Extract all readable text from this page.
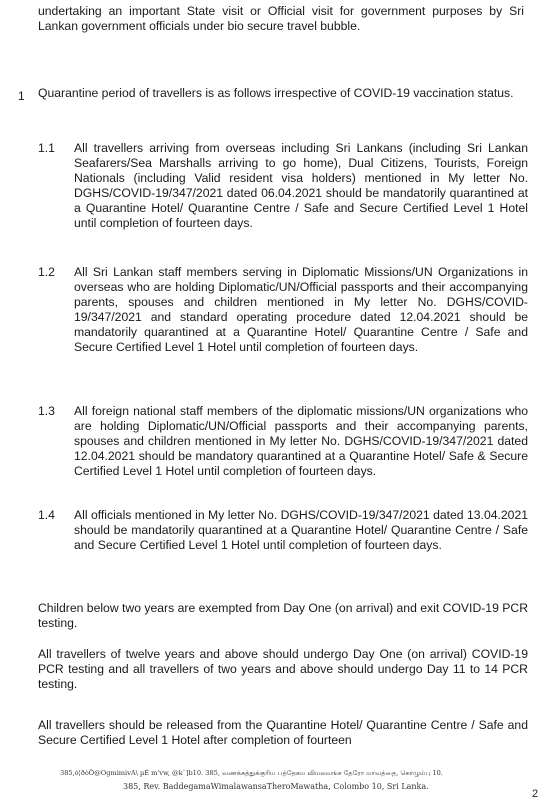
undertaking an important State visit or Official visit for government purposes by Sri Lankan government officials under bio secure travel bubble.
1 Quarantine period of travellers is as follows irrespective of COVID-19 vaccination status.
1.1	All travellers arriving from overseas including Sri Lankans (including Sri Lankan Seafarers/Sea Marshalls arriving to go home), Dual Citizens, Tourists, Foreign Nationals (including Valid resident visa holders) mentioned in My letter No. DGHS/COVID-19/347/2021 dated 06.04.2021 should be mandatorily quarantined at a Quarantine Hotel/ Quarantine Centre / Safe and Secure Certified Level 1 Hotel until completion of fourteen days.
1.2	All Sri Lankan staff members serving in Diplomatic Missions/UN Organizations in overseas who are holding Diplomatic/UN/Official passports and their accompanying parents, spouses and children mentioned in My letter No. DGHS/COVID-19/347/2021 and standard operating procedure dated 12.04.2021 should be mandatorily quarantined at a Quarantine Hotel/ Quarantine Centre / Safe and Secure Certified Level 1 Hotel until completion of fourteen days.
1.3	All foreign national staff members of the diplomatic missions/UN organizations who are holding Diplomatic/UN/Official passports and their accompanying parents, spouses and children mentioned in My letter No. DGHS/COVID-19/347/2021 dated 12.04.2021 should be mandatory quarantined at a Quarantine Hotel/ Safe & Secure Certified Level 1 Hotel until completion of fourteen days.
1.4	All officials mentioned in My letter No. DGHS/COVID-19/347/2021 dated 13.04.2021 should be mandatorily quarantined at a Quarantine Hotel/ Quarantine Centre / Safe and Secure Certified Level 1 Hotel until completion of fourteen days.
Children below two years are exempted from Day One (on arrival) and exit COVID-19 PCR testing.
All travellers of twelve years and above should undergo Day One (on arrival) COVID-19 PCR testing and all travellers of two years and above should undergo Day 11 to 14 PCR testing.
All travellers should be released from the Quarantine Hotel/ Quarantine Centre / Safe and Secure Certified Level 1 Hotel after completion of fourteen
385,ò¦ðòÕ@OgmimivA\ µÉ m'vw, @k`]b10. 385, வணக்கத்துக்குரிய பத்தேகம விமலவங்ச தேரோ மாவத்தை, கொழும்பு 10.
385, Rev. BaddegamaWimalawansaTheroMawatha, Colombo 10, Sri Lanka.
2
